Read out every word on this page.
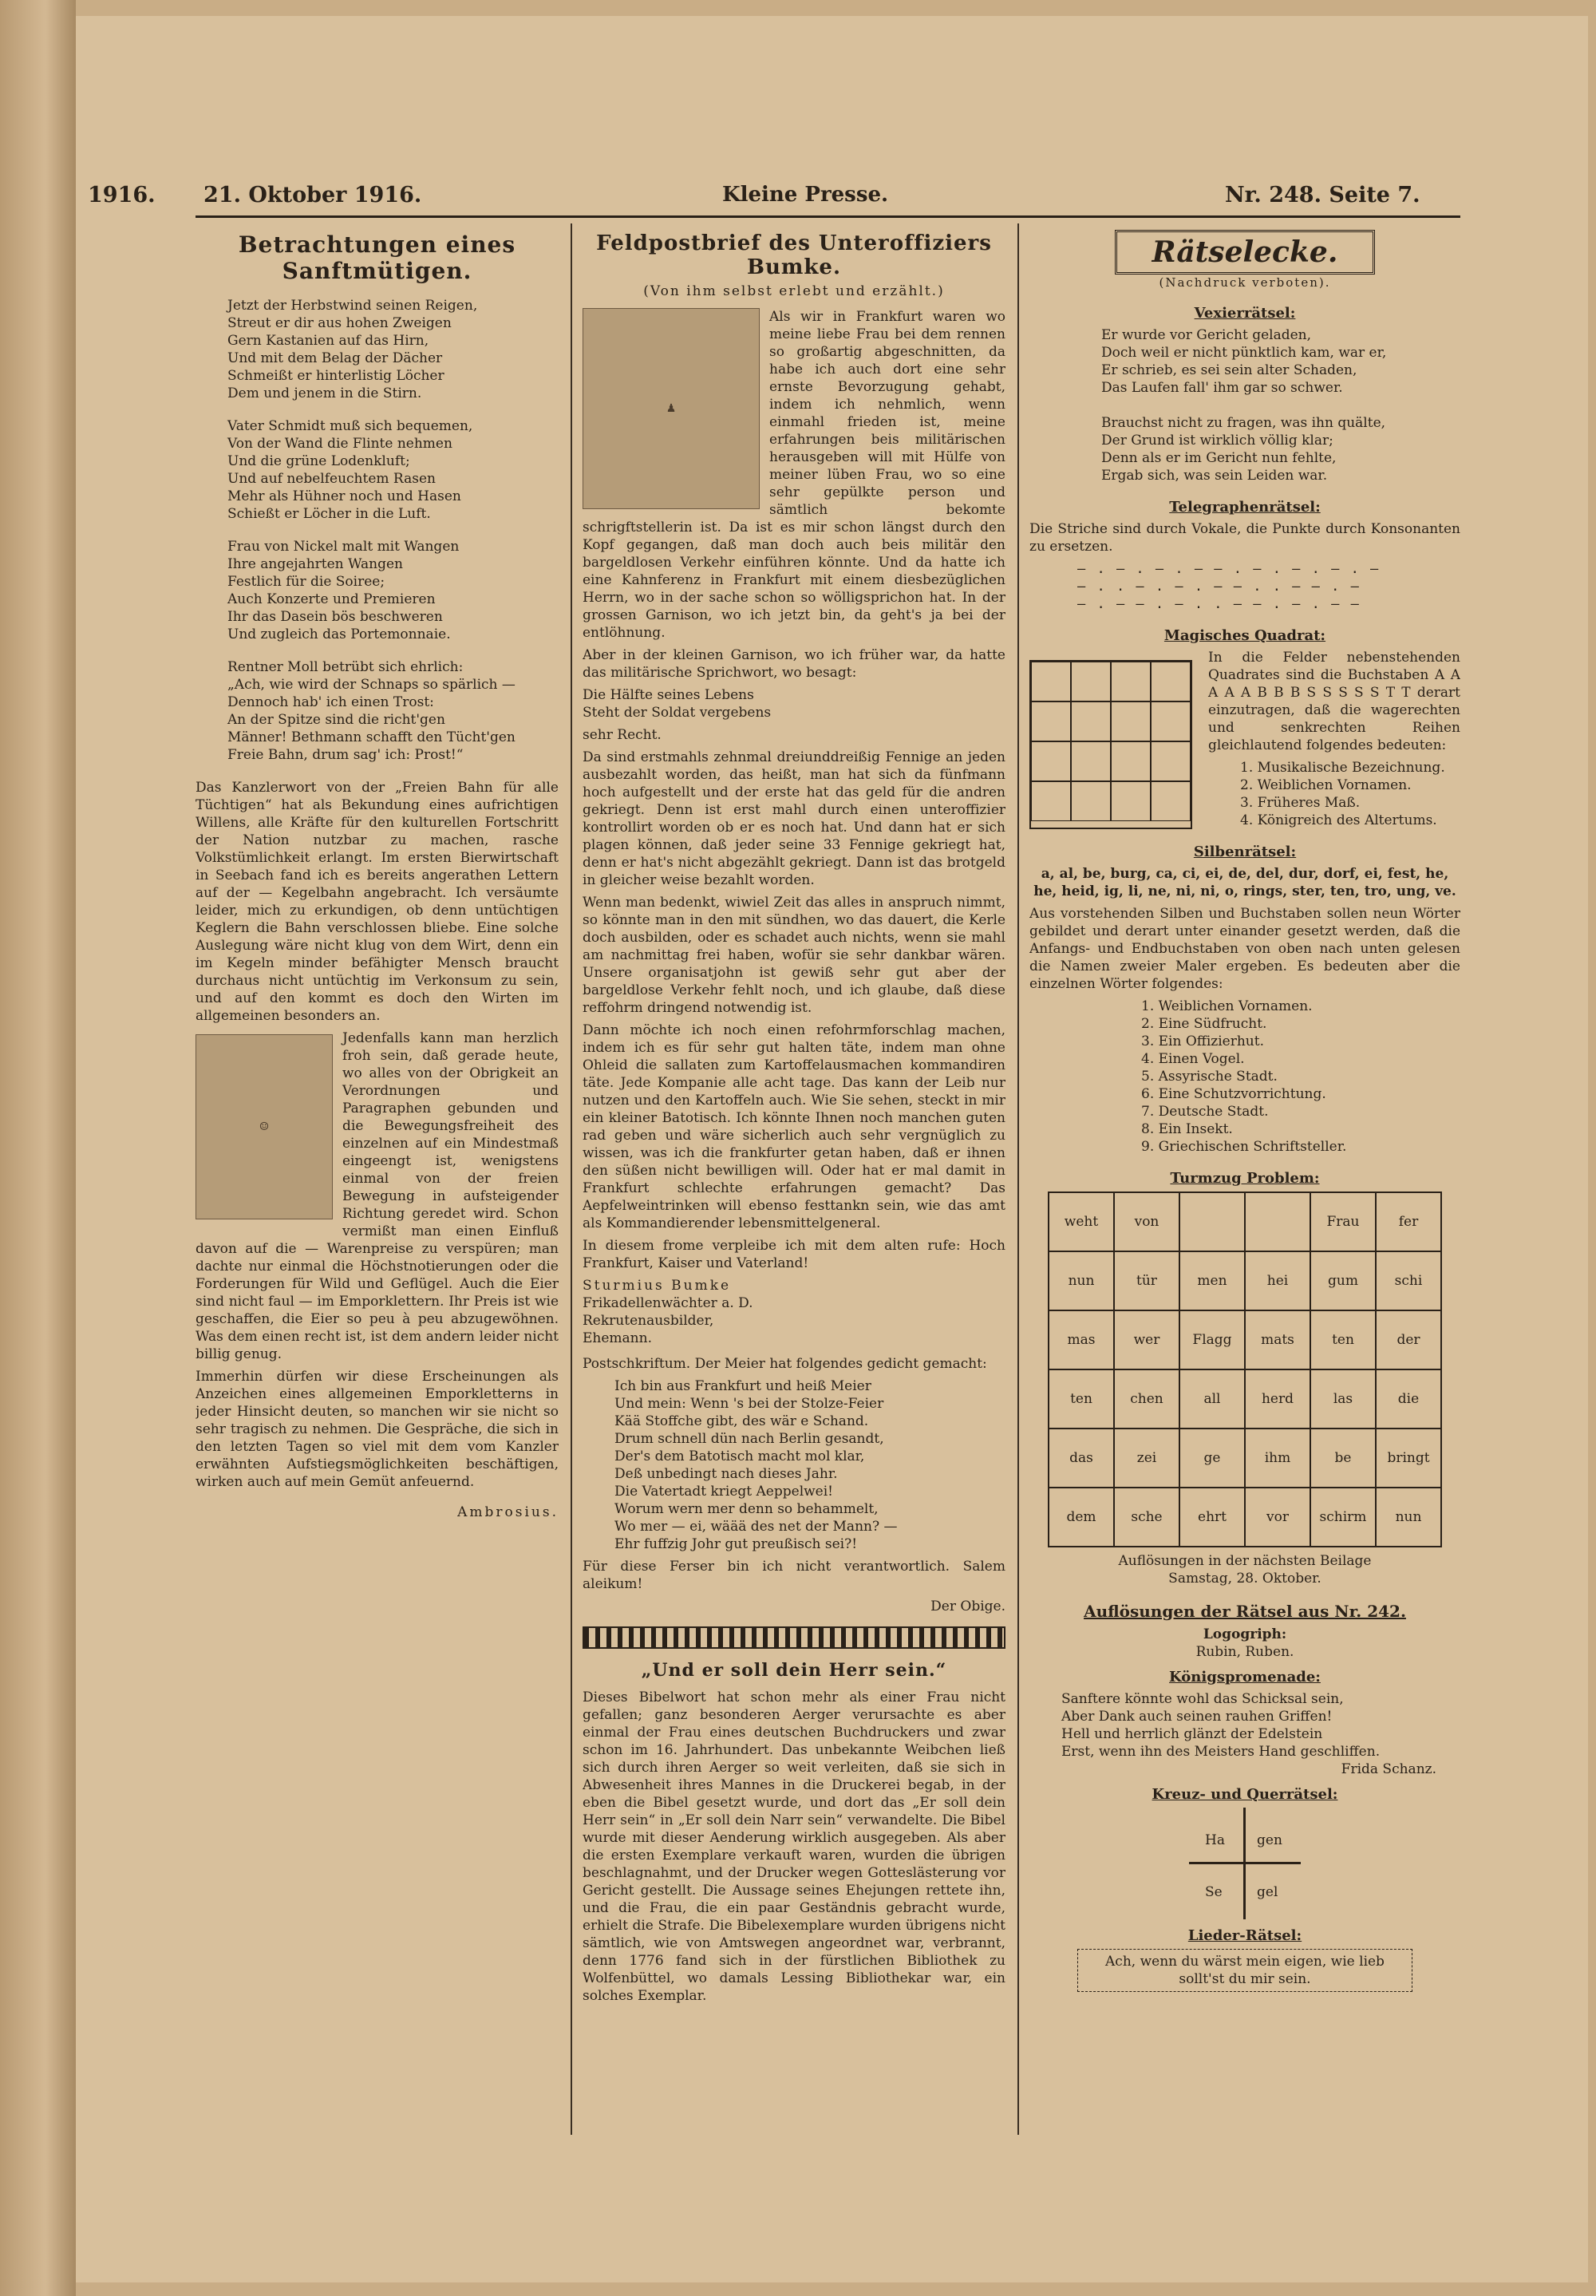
1916. 21. Oktober 1916.	Kleine Presse.	Nr. 248. Seite 7.
Betrachtungen eines Sanftmütigen.

Jetzt der Herbstwind seinen Reigen,

Streut er dir aus hohen Zweigen

Gern Kastanien auf das Hirn,

Und mit dem Belag der Dächer

Schmeißt er hinterlistig Löcher

Dem und jenem in die Stirn.

Vater Schmidt muß sich bequemen,

Von der Wand die Flinte nehmen

Und die grüne Lodenkluft;

Und auf nebelfeuchtem Rasen

Mehr als Hühner noch und Hasen

Schießt er Löcher in die Luft.

Frau von Nickel malt mit Wangen

Ihre angejahrten Wangen

Festlich für die Soiree;

Auch Konzerte und Premieren

Ihr das Dasein bös beschweren

Und zugleich das Portemonnaie.

Rentner Moll betrübt sich ehrlich:

„Ach, wie wird der Schnaps so spärlich —

Dennoch hab' ich einen Trost:

An der Spitze sind die richt'gen

Männer! Bethmann schafft den Tücht'gen

Freie Bahn, drum sag' ich: Prost!“

Das Kanzlerwort von der „Freien Bahn für alle Tüchtigen“ hat als Bekundung eines aufrichtigen Willens, alle Kräfte für den kulturellen Fortschritt der Nation nutzbar zu machen, rasche Volkstümlichkeit erlangt. Im ersten Bierwirtschaft in Seebach fand ich es bereits angerathen Lettern auf der — Kegelbahn angebracht. Ich versäumte leider, mich zu erkundigen, ob denn untüchtigen Keglern die Bahn verschlossen bliebe. Eine solche Auslegung wäre nicht klug von dem Wirt, denn ein im Kegeln minder befähigter Mensch braucht durchaus nicht untüchtig im Verkonsum zu sein, und auf den kommt es doch den Wirten im allgemeinen besonders an.

☺

Jedenfalls kann man herzlich froh sein, daß gerade heute, wo alles von der Obrigkeit an Verordnungen und Paragraphen gebunden und die Bewegungsfreiheit des einzelnen auf ein Mindestmaß eingeengt ist, wenigstens einmal von der freien Bewegung in aufsteigender Richtung geredet wird. Schon vermißt man einen Einfluß davon auf die — Warenpreise zu verspüren; man dachte nur einmal die Höchstnotierungen oder die Forderungen für Wild und Geflügel. Auch die Eier sind nicht faul — im Emporklettern. Ihr Preis ist wie geschaffen, die Eier so peu à peu abzugewöhnen. Was dem einen recht ist, ist dem andern leider nicht billig genug.

Immerhin dürfen wir diese Erscheinungen als Anzeichen eines allgemeinen Emporkletterns in jeder Hinsicht deuten, so manchen wir sie nicht so sehr tragisch zu nehmen. Die Gespräche, die sich in den letzten Tagen so viel mit dem vom Kanzler erwähnten Aufstiegsmöglichkeiten beschäftigen, wirken auch auf mein Gemüt anfeuernd.

Ambrosius.

Feldpostbrief des Unteroffiziers Bumke.
(Von ihm selbst erlebt und erzählt.)
♟

Als wir in Frankfurt waren wo meine liebe Frau bei dem rennen so großartig abgeschnitten, da habe ich auch dort eine sehr ernste Bevorzugung gehabt, indem ich nehmlich, wenn einmahl frieden ist, meine erfahrungen beis militärischen herausgeben will mit Hülfe von meiner lüben Frau, wo so eine sehr gepülkte person und sämtlich bekomte schrigftstellerin ist. Da ist es mir schon längst durch den Kopf gegangen, daß man doch auch beis militär den bargeldlosen Verkehr einführen könnte. Und da hatte ich eine Kahnferenz in Frankfurt mit einem diesbezüglichen Herrn, wo in der sache schon so wölligsprichon hat. In der grossen Garnison, wo ich jetzt bin, da geht's ja bei der entlöhnung.

Aber in der kleinen Garnison, wo ich früher war, da hatte das militärische Sprichwort, wo besagt:

Die Hälfte seines Lebens

Steht der Soldat vergebens

sehr Recht.

Da sind erstmahls zehnmal dreiunddreißig Fennige an jeden ausbezahlt worden, das heißt, man hat sich da fünfmann hoch aufgestellt und der erste hat das geld für die andren gekriegt. Denn ist erst mahl durch einen unteroffizier kontrollirt worden ob er es noch hat. Und dann hat er sich plagen können, daß jeder seine 33 Fennige gekriegt hat, denn er hat's nicht abgezählt gekriegt. Dann ist das brotgeld in gleicher weise bezahlt worden.

Wenn man bedenkt, wiwiel Zeit das alles in anspruch nimmt, so könnte man in den mit sündhen, wo das dauert, die Kerle doch ausbilden, oder es schadet auch nichts, wenn sie mahl am nachmittag frei haben, wofür sie sehr dankbar wären. Unsere organisatjohn ist gewiß sehr gut aber der bargeldlose Verkehr fehlt noch, und ich glaube, daß diese reffohrm dringend notwendig ist.

Dann möchte ich noch einen refohrmforschlag machen, indem ich es für sehr gut halten täte, indem man ohne Ohleid die sallaten zum Kartoffelausmachen kommandiren täte. Jede Kompanie alle acht tage. Das kann der Leib nur nutzen und den Kartoffeln auch. Wie Sie sehen, steckt in mir ein kleiner Batotisch. Ich könnte Ihnen noch manchen guten rad geben und wäre sicherlich auch sehr vergnüglich zu wissen, was ich die frankfurter getan haben, daß er ihnen den süßen nicht bewilligen will. Oder hat er mal damit in Frankfurt schlechte erfahrungen gemacht? Das Aepfelweintrinken will ebenso festtankn sein, wie das amt als Kommandierender lebensmittelgeneral.

In diesem frome verpleibe ich mit dem alten rufe: Hoch Frankfurt, Kaiser und Vaterland!

Sturmius Bumke

Frikadellenwächter a. D.

Rekrutenausbilder,

Ehemann.

Postschkriftum. Der Meier hat folgendes gedicht gemacht:

Ich bin aus Frankfurt und heiß Meier

Und mein: Wenn 's bei der Stolze-Feier

Kää Stoffche gibt, des wär e Schand.

Drum schnell dün nach Berlin gesandt,

Der's dem Batotisch macht mol klar,

Deß unbedingt nach dieses Jahr.

Die Vatertadt kriegt Aeppelwei!

Worum wern mer denn so behammelt,

Wo mer — ei, wäää des net der Mann? —

Ehr fuffzig Johr gut preußisch sei?!

Für diese Ferser bin ich nicht verantwortlich. Salem aleikum!

Der Obige.

„Und er soll dein Herr sein.“

Dieses Bibelwort hat schon mehr als einer Frau nicht gefallen; ganz besonderen Aerger verursachte es aber einmal der Frau eines deutschen Buchdruckers und zwar schon im 16. Jahrhundert. Das unbekannte Weibchen ließ sich durch ihren Aerger so weit verleiten, daß sie sich in Abwesenheit ihres Mannes in die Druckerei begab, in der eben die Bibel gesetzt wurde, und dort das „Er soll dein Herr sein“ in „Er soll dein Narr sein“ verwandelte. Die Bibel wurde mit dieser Aenderung wirklich ausgegeben. Als aber die ersten Exemplare verkauft waren, wurden die übrigen beschlagnahmt, und der Drucker wegen Gotteslästerung vor Gericht gestellt. Die Aussage seines Ehejungen rettete ihn, und die Frau, die ein paar Geständnis gebracht wurde, erhielt die Strafe. Die Bibelexemplare wurden übrigens nicht sämtlich, wie von Amtswegen angeordnet war, verbrannt, denn 1776 fand sich in der fürstlichen Bibliothek zu Wolfenbüttel, wo damals Lessing Bibliothekar war, ein solches Exemplar.

Rätselecke.
(Nachdruck verboten).
Vexierrätsel:

Er wurde vor Gericht geladen,

Doch weil er nicht pünktlich kam, war er,

Er schrieb, es sei sein alter Schaden,

Das Laufen fall' ihm gar so schwer.

Brauchst nicht zu fragen, was ihn quälte,

Der Grund ist wirklich völlig klar;

Denn als er im Gericht nun fehlte,

Ergab sich, was sein Leiden war.

Telegraphenrätsel:

Die Striche sind durch Vokale, die Punkte durch Konsonanten zu ersetzen.

— . — . — . — — . — . — . — . —
— . . — . — . — — . . — — . —
— . — — . — . . — — . — . — —
Magisches Quadrat:

In die Felder nebenstehenden Quadrates sind die Buchstaben A A A A A B B B S S S S S T T derart einzutragen, daß die wagerechten und senkrechten Reihen gleichlautend folgendes bedeuten:

1. Musikalische Bezeichnung.

2. Weiblichen Vornamen.

3. Früheres Maß.

4. Königreich des Altertums.

Silbenrätsel:

a, al, be, burg, ca, ci, ei, de, del, dur, dorf, ei, fest, he, he, heid, ig, li, ne, ni, ni, o, rings, ster, ten, tro, ung, ve.

Aus vorstehenden Silben und Buchstaben sollen neun Wörter gebildet und derart unter einander gesetzt werden, daß die Anfangs- und Endbuchstaben von oben nach unten gelesen die Namen zweier Maler ergeben. Es bedeuten aber die einzelnen Wörter folgendes:

1. Weiblichen Vornamen.

2. Eine Südfrucht.

3. Ein Offizierhut.

4. Einen Vogel.

5. Assyrische Stadt.

6. Eine Schutzvorrichtung.

7. Deutsche Stadt.

8. Ein Insekt.

9. Griechischen Schriftsteller.

Turmzug Problem:
weht	von			Frau	fer
nun	tür	men	hei	gum	schi
mas	wer	Flagg	mats	ten	der
ten	chen	all	herd	las	die
das	zei	ge	ihm	be	bringt
dem	sche	ehrt	vor	schirm	nun
Auflösungen in der nächsten Beilage
Samstag, 28. Oktober.
Auflösungen der Rätsel aus Nr. 242.
Logogriph:
Rubin, Ruben.
Königspromenade:

Sanftere könnte wohl das Schicksal sein,

Aber Dank auch seinen rauhen Griffen!

Hell und herrlich glänzt der Edelstein

Erst, wenn ihn des Meisters Hand geschliffen.

Frida Schanz.

Kreuz- und Querrätsel:
Ha gen
Se	gel
Lieder-Rätsel:
Ach, wenn du wärst mein eigen, wie lieb sollt'st du mir sein.
